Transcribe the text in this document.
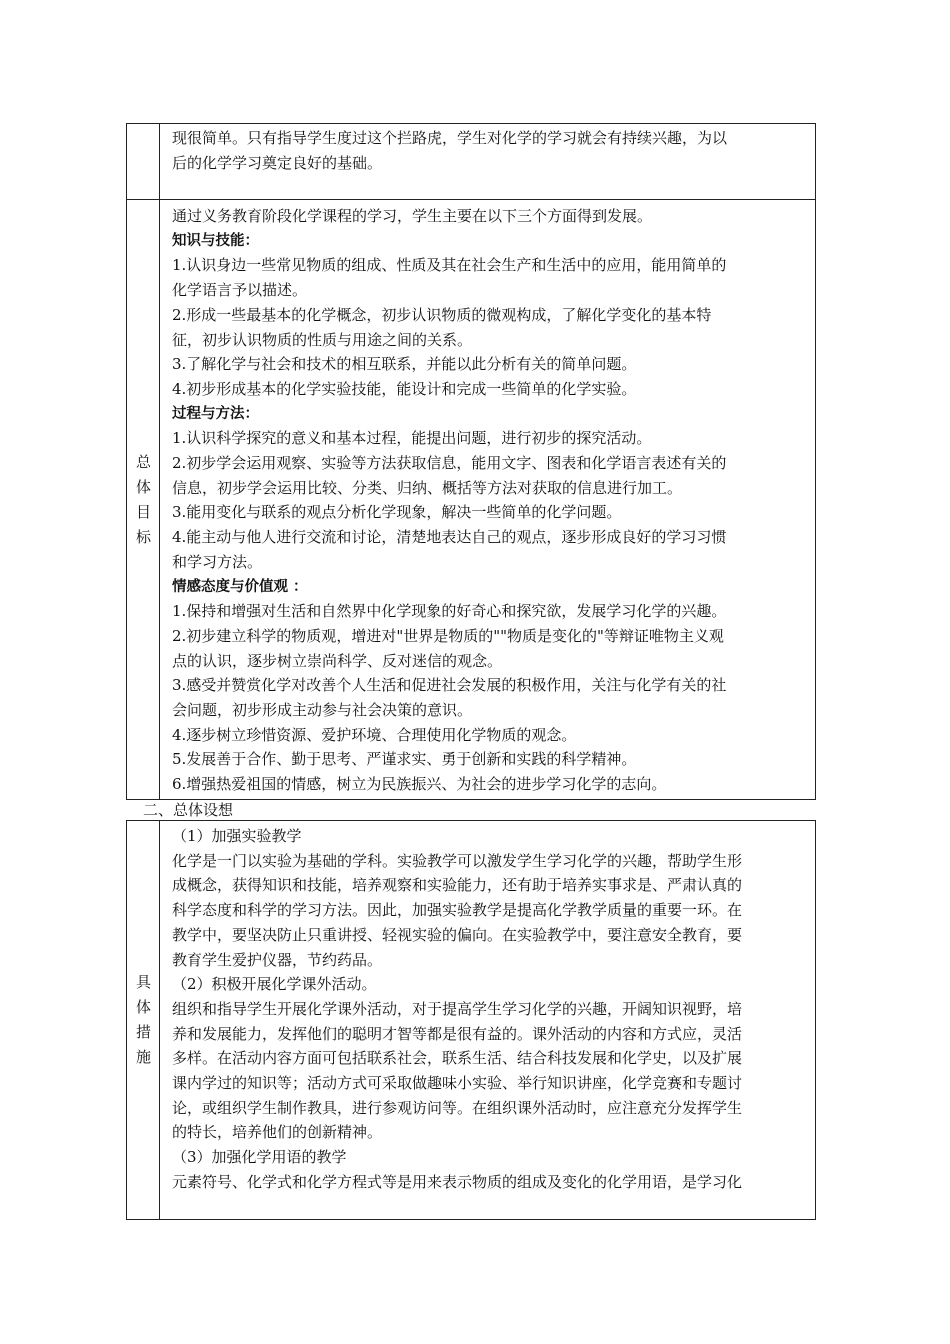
现很简单。只有指导学生度过这个拦路虎，学生对化学的学习就会有持续兴趣，为以

后的化学学习奠定良好的基础。

总
体
目
标

通过义务教育阶段化学课程的学习，学生主要在以下三个方面得到发展。

知识与技能：

1.认识身边一些常见物质的组成、性质及其在社会生产和生活中的应用，能用简单的

化学语言予以描述。

2.形成一些最基本的化学概念，初步认识物质的微观构成，了解化学变化的基本特

征，初步认识物质的性质与用途之间的关系。

3.了解化学与社会和技术的相互联系，并能以此分析有关的简单问题。

4.初步形成基本的化学实验技能，能设计和完成一些简单的化学实验。

过程与方法：

1.认识科学探究的意义和基本过程，能提出问题，进行初步的探究活动。

2.初步学会运用观察、实验等方法获取信息，能用文字、图表和化学语言表述有关的

信息，初步学会运用比较、分类、归纳、概括等方法对获取的信息进行加工。

3.能用变化与联系的观点分析化学现象，解决一些简单的化学问题。

4.能主动与他人进行交流和讨论，清楚地表达自己的观点，逐步形成良好的学习习惯

和学习方法。

情感态度与价值观 ：

1.保持和增强对生活和自然界中化学现象的好奇心和探究欲，发展学习化学的兴趣。

2.初步建立科学的物质观，增进对"世界是物质的""物质是变化的"等辩证唯物主义观

点的认识，逐步树立崇尚科学、反对迷信的观念。

3.感受并赞赏化学对改善个人生活和促进社会发展的积极作用，关注与化学有关的社

会问题，初步形成主动参与社会决策的意识。

4.逐步树立珍惜资源、爱护环境、合理使用化学物质的观念。

5.发展善于合作、勤于思考、严谨求实、勇于创新和实践的科学精神。

6.增强热爱祖国的情感，树立为民族振兴、为社会的进步学习化学的志向。

二、总体设想
具
体
措
施

（1）加强实验教学

化学是一门以实验为基础的学科。实验教学可以激发学生学习化学的兴趣，帮助学生形

成概念，获得知识和技能，培养观察和实验能力，还有助于培养实事求是、严肃认真的

科学态度和科学的学习方法。因此，加强实验教学是提高化学教学质量的重要一环。在

教学中，要坚决防止只重讲授、轻视实验的偏向。在实验教学中，要注意安全教育，要

教育学生爱护仪器，节约药品。

（2）积极开展化学课外活动。

组织和指导学生开展化学课外活动，对于提高学生学习化学的兴趣，开阔知识视野，培

养和发展能力，发挥他们的聪明才智等都是很有益的。课外活动的内容和方式应，灵活

多样。在活动内容方面可包括联系社会，联系生活、结合科技发展和化学史，以及扩展

课内学过的知识等；活动方式可采取做趣味小实验、举行知识讲座，化学竞赛和专题讨

论，或组织学生制作教具，进行参观访问等。在组织课外活动时，应注意充分发挥学生

的特长，培养他们的创新精神。

（3）加强化学用语的教学

元素符号、化学式和化学方程式等是用来表示物质的组成及变化的化学用语，是学习化
